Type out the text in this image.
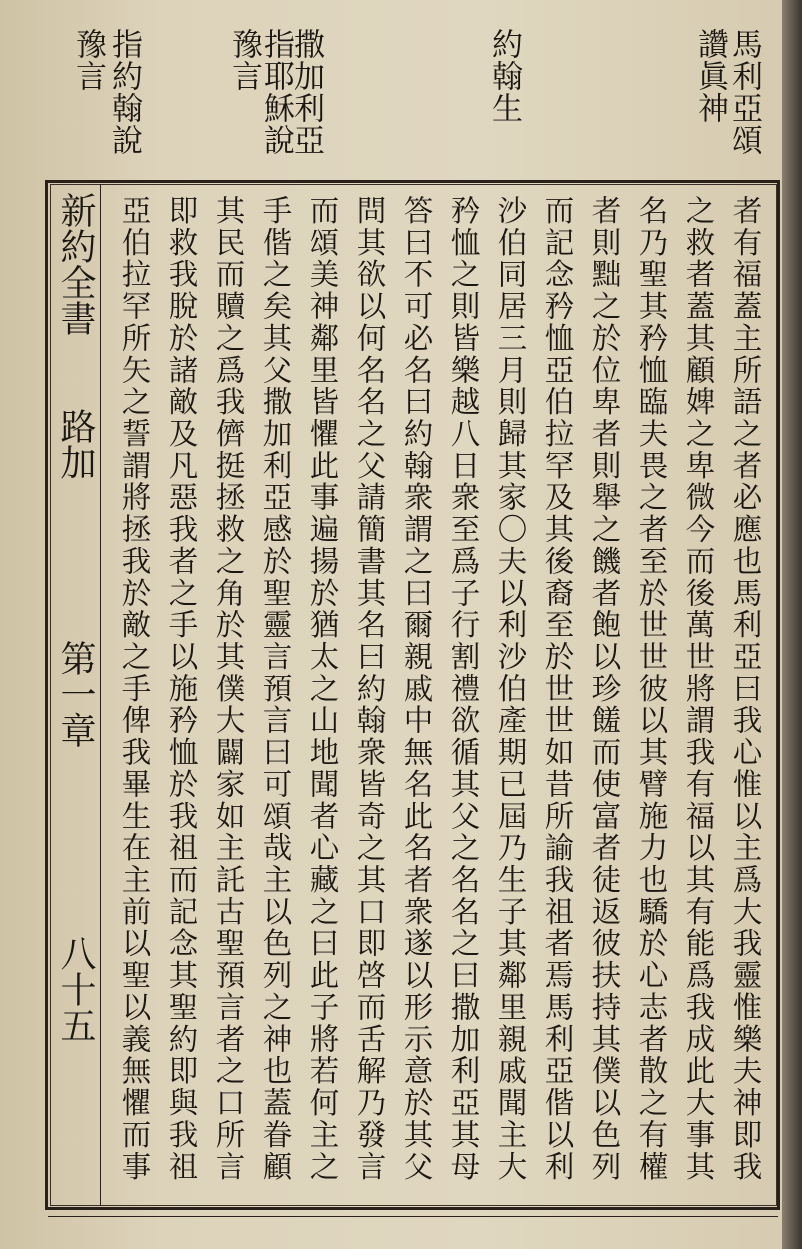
馬利亞頌
讚眞神
約翰生
撒加利亞
指耶穌說
豫言
指約翰說
豫言
新約全書
路加
第一章
八十五	者有福蓋主所語之者必應也馬利亞曰我心惟以主爲大我靈惟樂夫神即我
之救者蓋其顧婢之卑微今而後萬世將謂我有福以其有能爲我成此大事其
名乃聖其矜恤臨夫畏之者至於世世彼以其臂施力也驕於心志者散之有權
者則黜之於位卑者則舉之饑者飽以珍饈而使富者徒返彼扶持其僕以色列
而記念矜恤亞伯拉罕及其後裔至於世世如昔所諭我祖者焉馬利亞偕以利
沙伯同居三月則歸其家〇夫以利沙伯產期已屆乃生子其鄰里親戚聞主大
矜恤之則皆樂越八日衆至爲子行割禮欲循其父之名名之曰撒加利亞其母
答曰不可必名曰約翰衆謂之曰爾親戚中無名此名者衆遂以形示意於其父
問其欲以何名名之父請簡書其名曰約翰衆皆奇之其口即啓而舌解乃發言
而頌美神鄰里皆懼此事遍揚於猶太之山地聞者心藏之曰此子將若何主之
手偕之矣其父撒加利亞感於聖靈言預言曰可頌哉主以色列之神也蓋眷顧
其民而贖之爲我儕挺拯救之角於其僕大闢家如主託古聖預言者之口所言
即救我脫於諸敵及凡惡我者之手以施矜恤於我祖而記念其聖約即與我祖
亞伯拉罕所矢之誓謂將拯我於敵之手俾我畢生在主前以聖以義無懼而事
